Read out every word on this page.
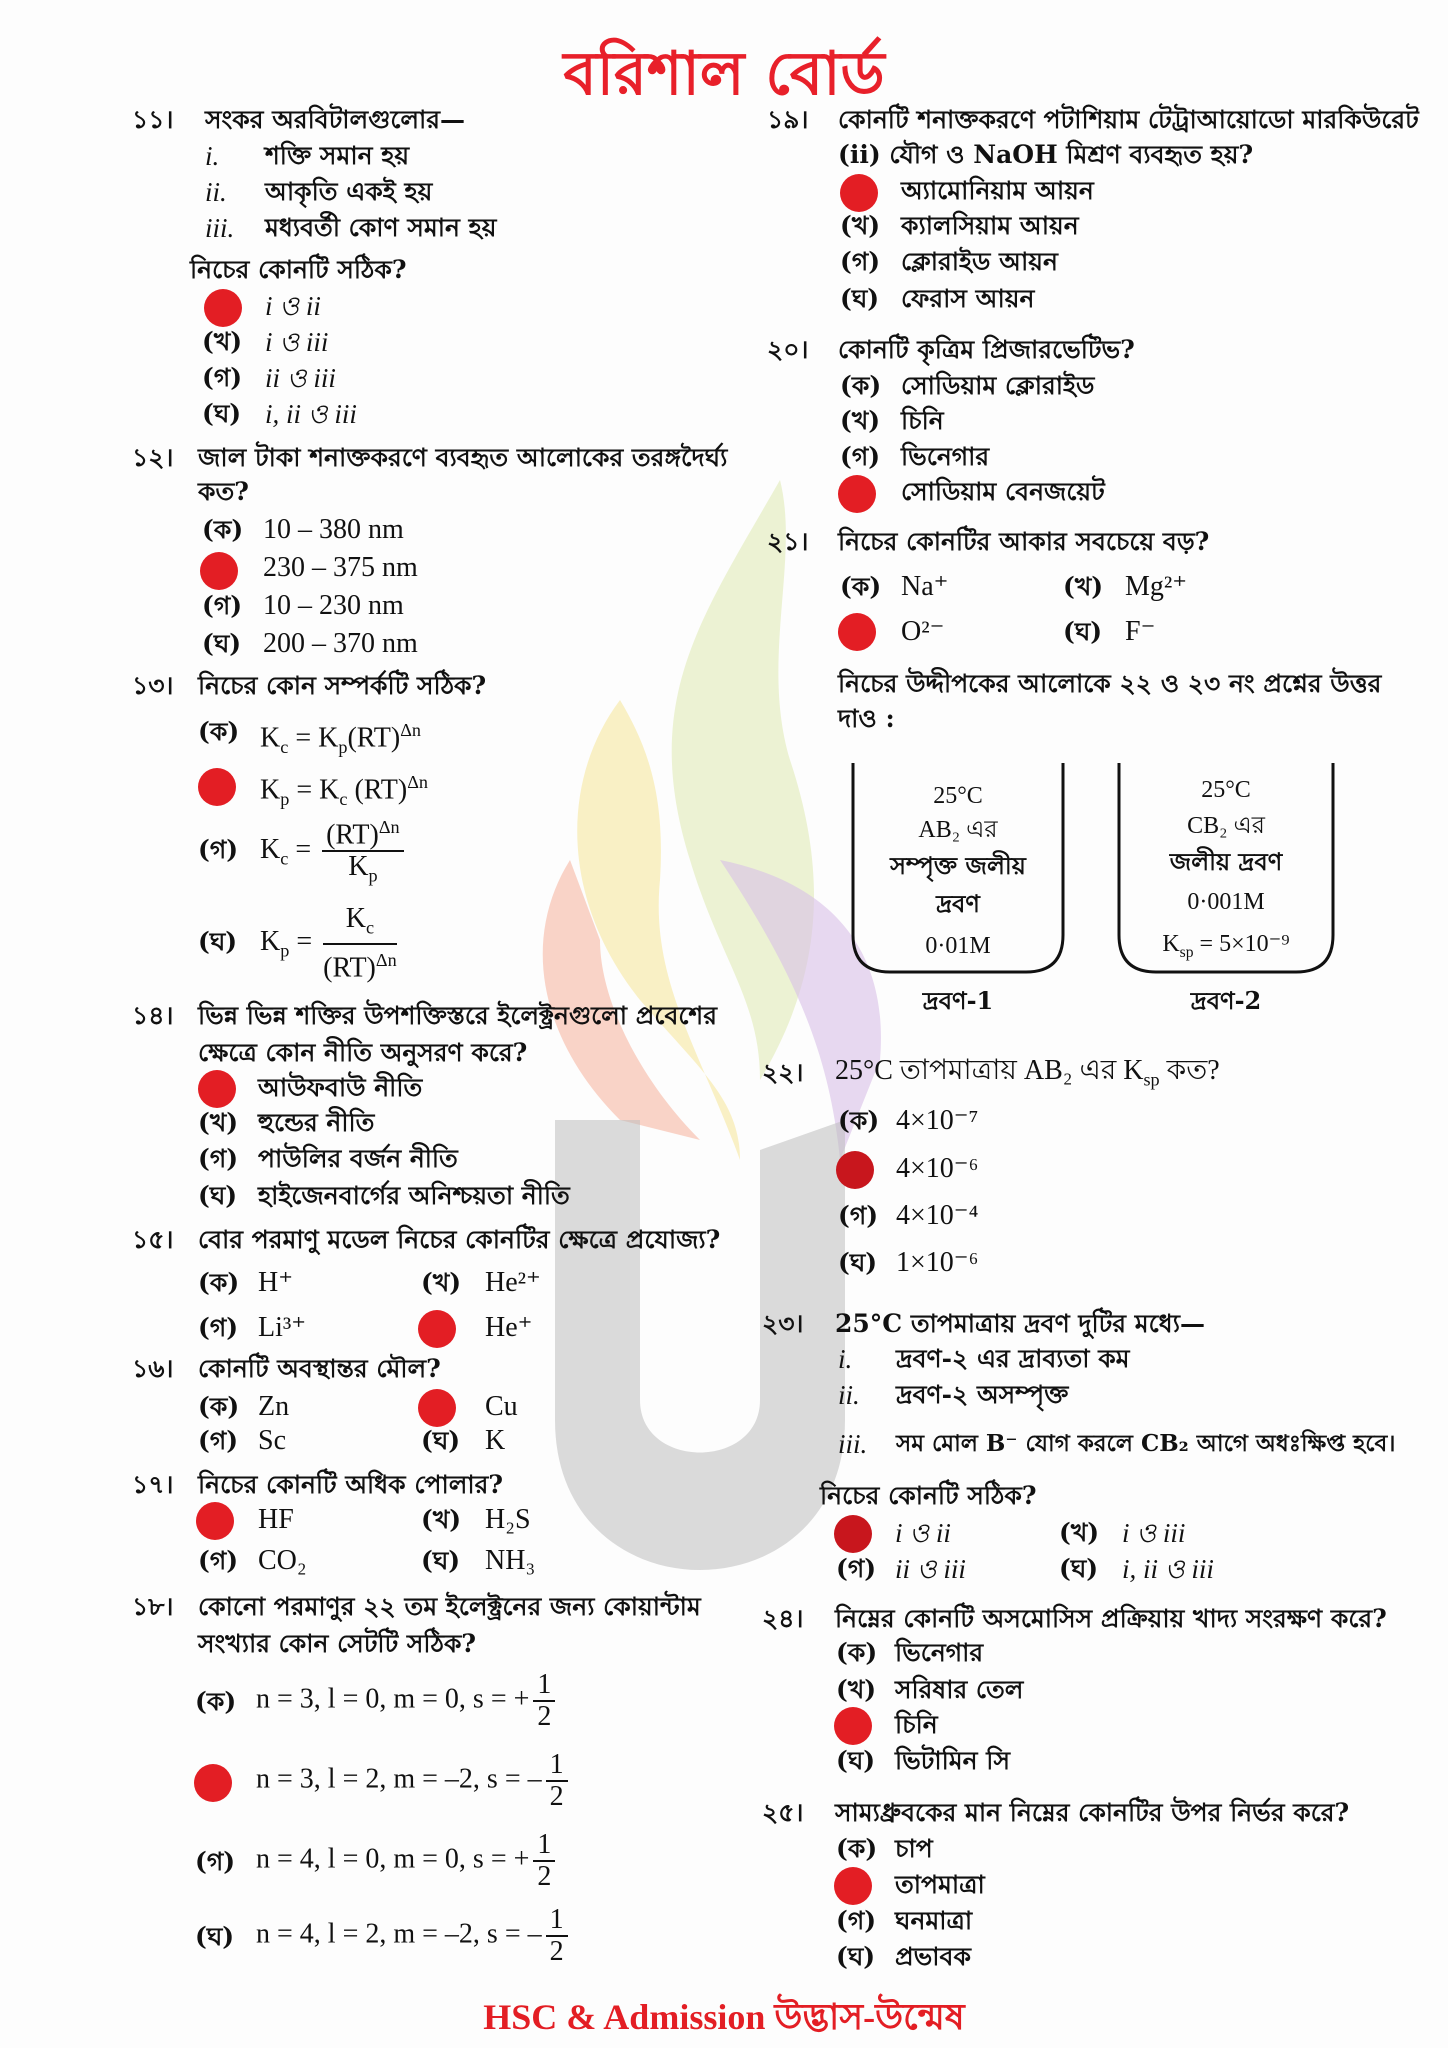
বরিশাল বোর্ড
১১। সংকর অরবিটালগুলোর—
i. শক্তি সমান হয়
ii. আকৃতি একই হয়
iii. মধ্যবর্তী কোণ সমান হয়
নিচের কোনটি সঠিক?
i ও ii
(খ) i ও iii
(গ) ii ও iii
(ঘ) i, ii ও iii
১২। জাল টাকা শনাক্তকরণে ব্যবহৃত আলোকের তরঙ্গদৈর্ঘ্য
কত?
(ক) 10 – 380 nm
230 – 375 nm
(গ) 10 – 230 nm
(ঘ) 200 – 370 nm
১৩। নিচের কোন সম্পর্কটি সঠিক?
(ক) $K_c = K_p(RT)^{\Delta n}$
$K_p = K_c$ (RT)$^{\Delta n}$
(গ) $K_c = \frac{(RT)^{\Delta n}}{K_p}$
(ঘ) $K_p = \frac{K_c}{(RT)^{\Delta n}}$
১৪। ভিন্ন ভিন্ন শক্তির উপশক্তিস্তরে ইলেক্ট্রনগুলো প্রবেশের
ক্ষেত্রে কোন নীতি অনুসরণ করে?
আউফবাউ নীতি
(খ) হুন্ডের নীতি
(গ) পাউলির বর্জন নীতি
(ঘ) হাইজেনবার্গের অনিশ্চয়তা নীতি
১৫। বোর পরমাণু মডেল নিচের কোনটির ক্ষেত্রে প্রযোজ্য?
(ক) H⁺	(খ) He²⁺
(গ) Li³⁺	He⁺
১৬। কোনটি অবস্থান্তর মৌল?
(ক) Zn	Cu
(গ) Sc	(ঘ) K
১৭। নিচের কোনটি অধিক পোলার?
HF	(খ) H₂S
(গ) CO₂	(ঘ) NH₃
১৮। কোনো পরমাণুর ২২ তম ইলেক্ট্রনের জন্য কোয়ান্টাম
সংখ্যার কোন সেটটি সঠিক?
(ক) n = 3, l = 0, m = 0, s = + $\frac{1}{2}$
n = 3, l = 2, m = –2, s = – $\frac{1}{2}$
(গ) n = 4, l = 0, m = 0, s = + $\frac{1}{2}$
(ঘ) n = 4, l = 2, m = –2, s = – $\frac{1}{2}$
১৯। কোনটি শনাক্তকরণে পটাশিয়াম টেট্রাআয়োডো মারকিউরেট
(ii) যৌগ ও NaOH মিশ্রণ ব্যবহৃত হয়?
অ্যামোনিয়াম আয়ন
(খ) ক্যালসিয়াম আয়ন
(গ) ক্লোরাইড আয়ন
(ঘ) ফেরাস আয়ন
২০। কোনটি কৃত্রিম প্রিজারভেটিভ?
(ক) সোডিয়াম ক্লোরাইড
(খ) চিনি
(গ) ভিনেগার
সোডিয়াম বেনজয়েট
২১। নিচের কোনটির আকার সবচেয়ে বড়?
(ক) Na⁺	(খ) Mg²⁺
O²⁻	(ঘ) F⁻
নিচের উদ্দীপকের আলোকে ২২ ও ২৩ নং প্রশ্নের উত্তর
দাও :
25°C
AB₂ এর
সম্পৃক্ত জলীয়
দ্রবণ
0·01M
দ্রবণ-1
25°C
CB₂ এর
জলীয় দ্রবণ
0·001M
$K_{sp} = 5\times 10^{-9}$
দ্রবণ-2
২২। 25°C তাপমাত্রায় AB₂ এর $K_{sp}$ কত?
(ক) 4×10⁻⁷
4×10⁻⁶
(গ) 4×10⁻⁴
(ঘ) 1×10⁻⁶
২৩। 25°C তাপমাত্রায় দ্রবণ দুটির মধ্যে—
i. দ্রবণ-২ এর দ্রাব্যতা কম
ii. দ্রবণ-২ অসম্পৃক্ত
iii. সম মোল B⁻ যোগ করলে CB₂ আগে অধঃক্ষিপ্ত হবে।
নিচের কোনটি সঠিক?
i ও ii	(খ) i ও iii
(গ) ii ও iii	(ঘ) i, ii ও iii
২৪। নিম্নের কোনটি অসমোসিস প্রক্রিয়ায় খাদ্য সংরক্ষণ করে?
(ক) ভিনেগার
(খ) সরিষার তেল
চিনি
(ঘ) ভিটামিন সি
২৫। সাম্যধ্রুবকের মান নিম্নের কোনটির উপর নির্ভর করে?
(ক) চাপ
তাপমাত্রা
(গ) ঘনমাত্রা
(ঘ) প্রভাবক
HSC & Admission উদ্ভাস-উন্মেষ
